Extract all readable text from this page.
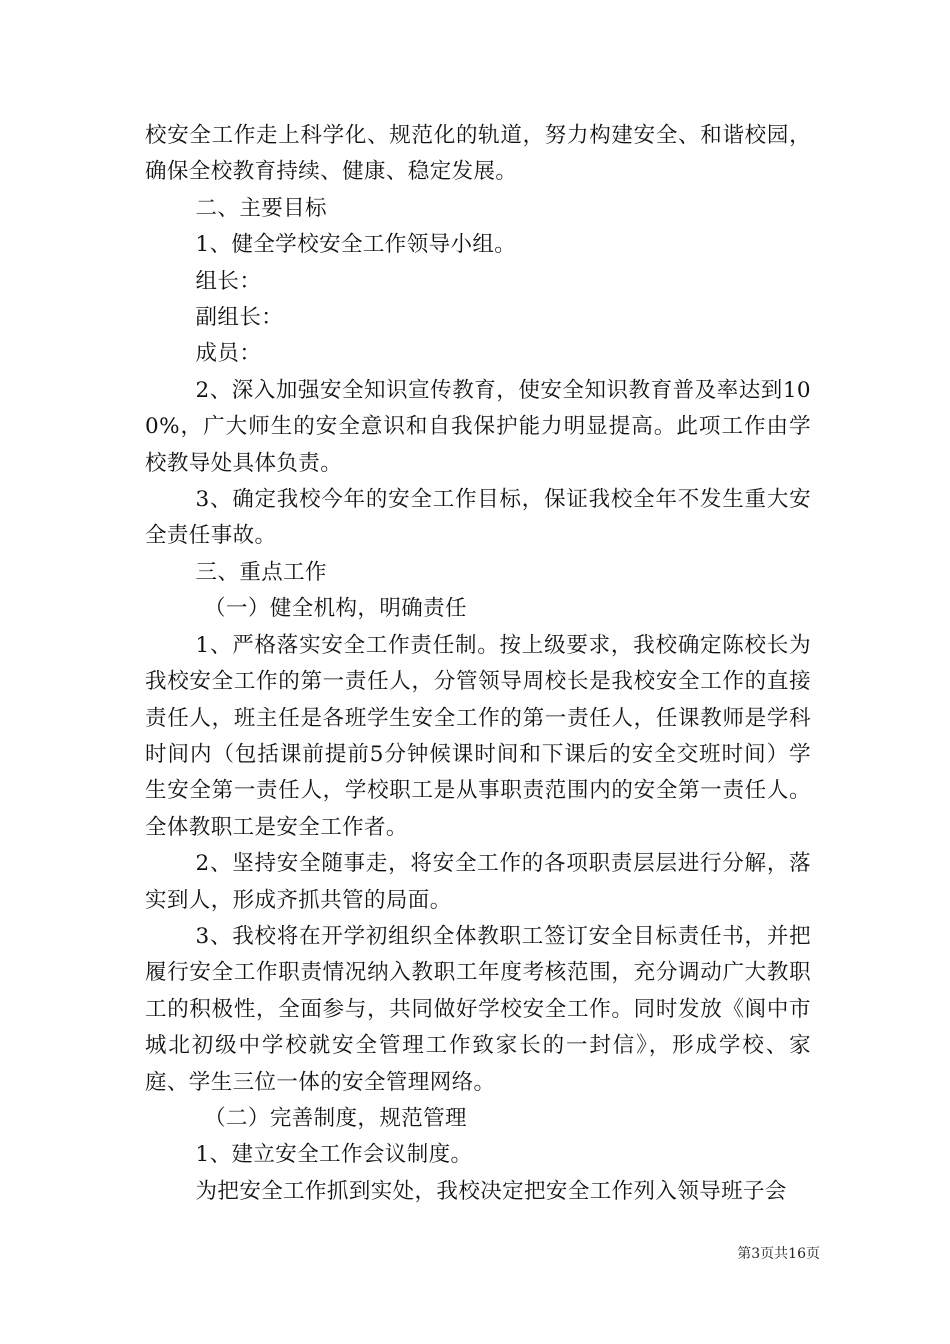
校安全工作走上科学化、规范化的轨道，努力构建安全、和谐校园，确保全校教育持续、健康、稳定发展。

二、主要目标

1、健全学校安全工作领导小组。

组长：

副组长：

成员：

2、深入加强安全知识宣传教育，使安全知识教育普及率达到100%，广大师生的安全意识和自我保护能力明显提高。此项工作由学校教导处具体负责。

3、确定我校今年的安全工作目标，保证我校全年不发生重大安全责任事故。

三、重点工作

（一）健全机构，明确责任

1、严格落实安全工作责任制。按上级要求，我校确定陈校长为我校安全工作的第一责任人，分管领导周校长是我校安全工作的直接责任人，班主任是各班学生安全工作的第一责任人，任课教师是学科时间内（包括课前提前5分钟候课时间和下课后的安全交班时间）学生安全第一责任人，学校职工是从事职责范围内的安全第一责任人。全体教职工是安全工作者。

2、坚持安全随事走，将安全工作的各项职责层层进行分解，落实到人，形成齐抓共管的局面。

3、我校将在开学初组织全体教职工签订安全目标责任书，并把履行安全工作职责情况纳入教职工年度考核范围，充分调动广大教职工的积极性，全面参与，共同做好学校安全工作。同时发放《阆中市城北初级中学校就安全管理工作致家长的一封信》，形成学校、家庭、学生三位一体的安全管理网络。

（二）完善制度，规范管理

1、建立安全工作会议制度。

为把安全工作抓到实处，我校决定把安全工作列入领导班子会

第3页共16页
